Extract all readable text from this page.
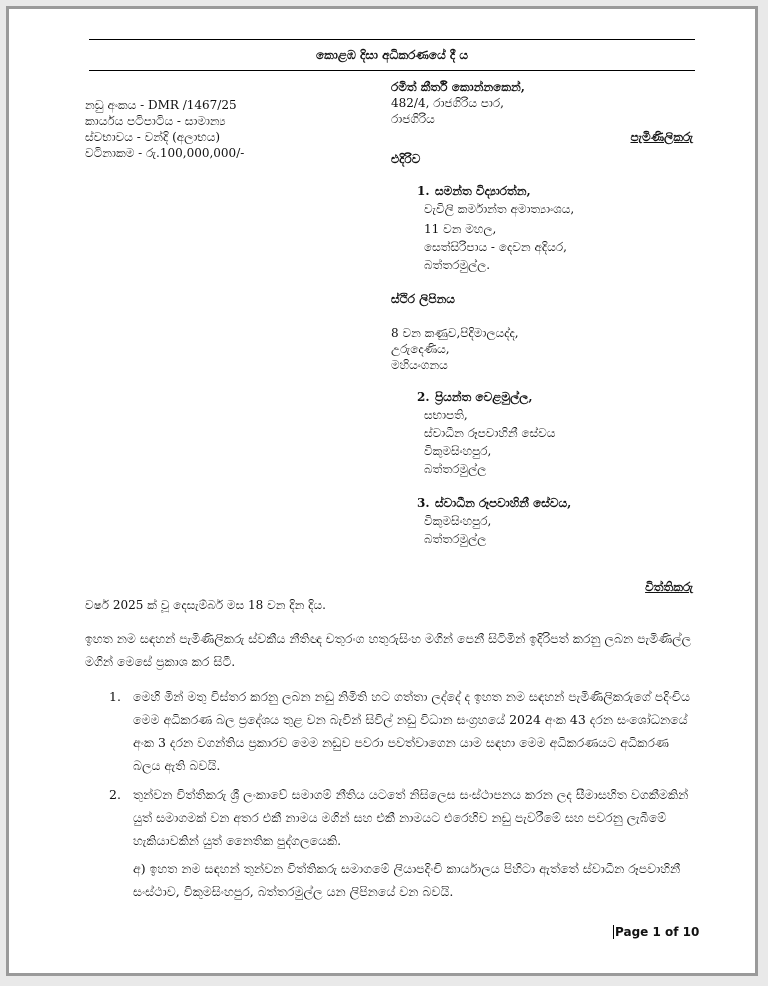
කොළඹ දිසා අධිකරණයේ දී ය
නඩු අංකය - DMR /1467/25
කාර්යය පටිපාටිය - සාමාන්‍ය
ස්වභාවය - වන්දි (අලාභය)
වටිනාකම - රු.100,000,000/-
රමිත් කීර්ති කොන්නකෙන්,
482/4, රාජගිරිය පාර,
රාජගිරිය
පැමිණිලිකරු
එදිරිව
1. සමන්ත විද්‍යාරත්න,
වැවිලි කර්මාන්ත අමාත්‍යාංශය,
11 වන මහල,
සෙත්සිරිපාය - දෙවන අදියර,
බත්තරමුල්ල.
ස්ථිර ලිපිනය
8 වන කණුව,පිදිමාලයද්ද,
උරුදෙණිය,
මහියංගනය
2. ප්‍රියන්ත වෙළමුල්ල,
සභාපති,
ස්වාධීන රූපවාහිනී සේවය
විකුමසිංහපුර,
බත්තරමුල්ල
3. ස්වාධීන රූපවාහිනී සේවය,
විකුමසිංහපුර,
බත්තරමුල්ල
විත්තිකරු
වර්ෂ 2025 ක් වූ දෙසැම්බර් මස 18 වන දින දිය.
ඉහත නම සඳහන් පැමිණිලිකරු ස්වකීය නීතිඥ චතුරංග හතුරුසිංහ මගින් පෙනී සිටිමින් ඉදිරිපත් කරනු ලබන පැමිණිල්ල මගින් මෙසේ ප්‍රකාශ කර සිටී.
1. මෙහි මින් මතු විස්තර කරනු ලබන නඩු නිමිති හට ගත්තා ලද්දේ ද ඉහත නම සඳහන් පැමිණිලිකරුගේ පදිංචිය මෙම අධිකරණ බල ප්‍රදේශය තුළ වන බැවින් සිවිල් නඩු විධාන සංග්‍රහයේ 2024 අංක 43 දරන සංශෝධනයේ අංක 3 දරන වගන්තිය ප්‍රකාරව මෙම නඩුව පවරා පවත්වාගෙන යාම සඳහා මෙම අධිකරණයට අධිකරණ බලය ඇති බවයි.
2. තුන්වන විත්තිකරු ශ්‍රී ලංකාවේ සමාගම් නීතිය යටතේ නිසිලෙස සංස්ථාපනය කරන ලද සීමාසහිත වගකීමකින් යුත් සමාගමක් වන අතර එකී නාමය මගින් සහ එකී නාමයට එරෙහිව නඩු පැවරීමේ සහ පවරනු ලැබීමේ හැකියාවකින් යුත් නෛතික පුද්ගලයෙකි.
අ) ඉහත නම සඳහන් තුන්වන විත්තිකරු සමාගමේ ලියාපදිංචි කාර්යාලය පිහිටා ඇත්තේ ස්වාධීන රූපවාහිනී සංස්ථාව, විකුමසිංහපුර, බත්තරමුල්ල යන ලිපිනයේ වන බවයි.
Page 1 of 10
